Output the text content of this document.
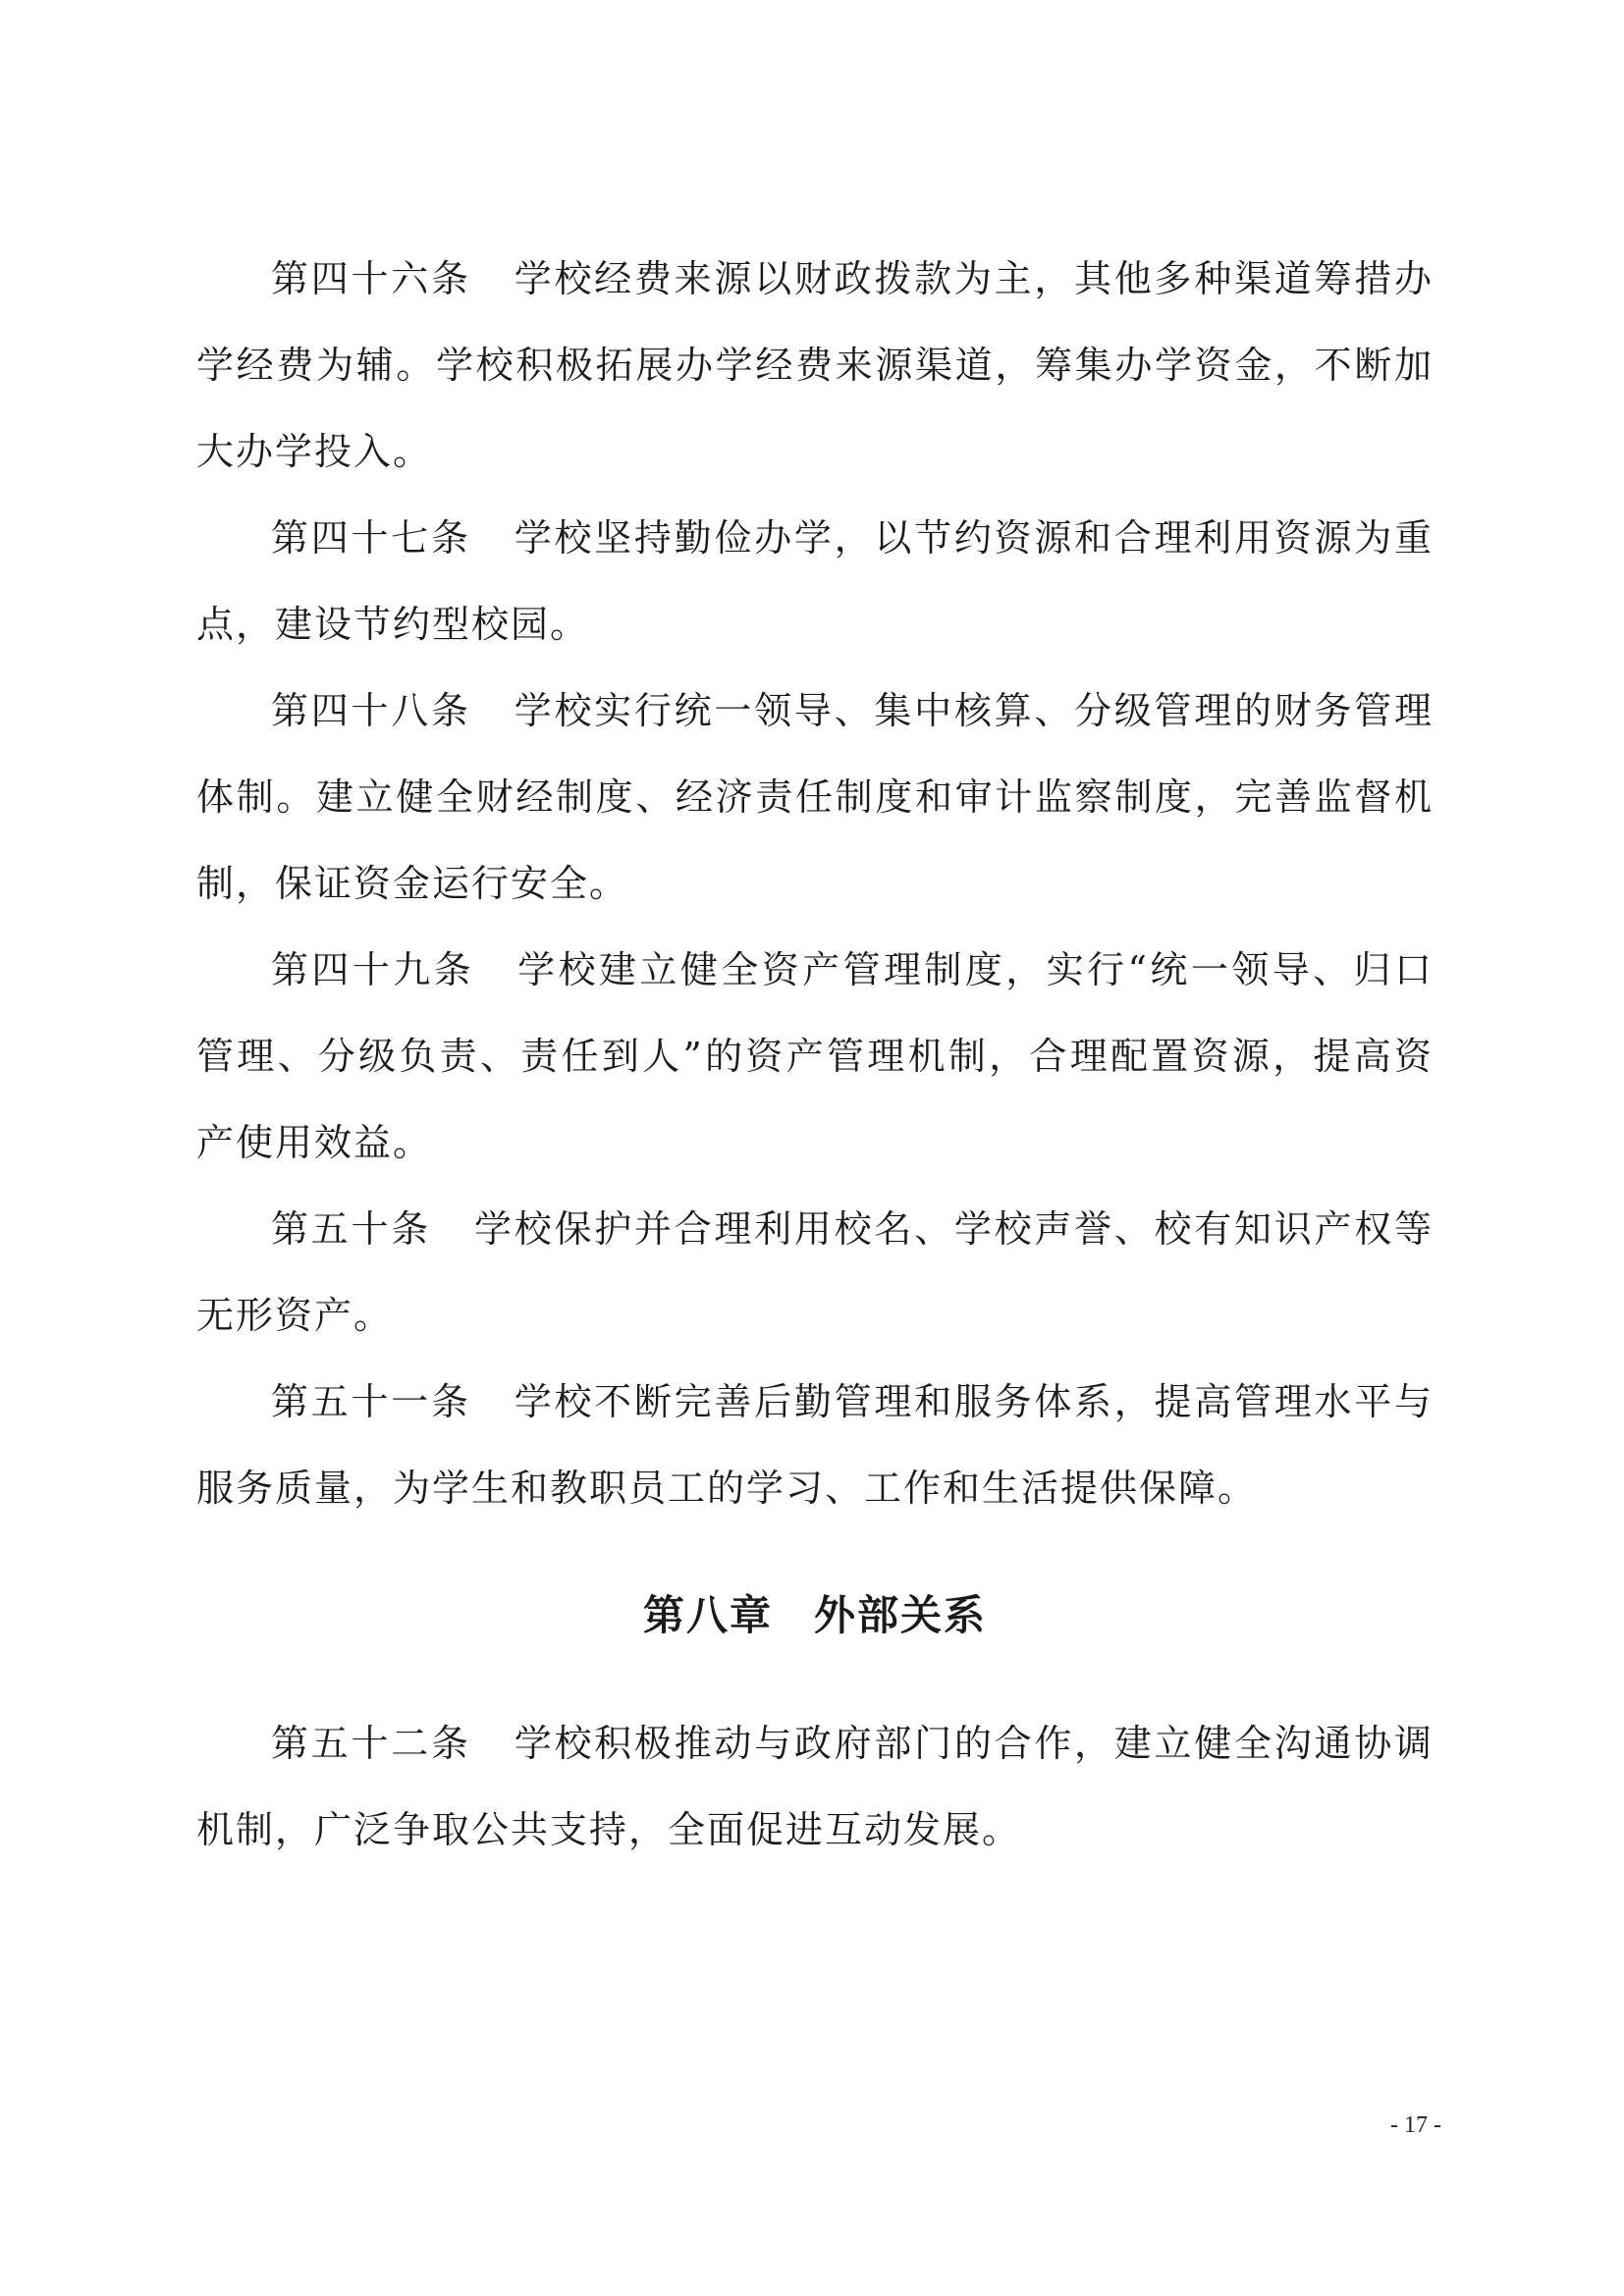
第四十六条 学校经费来源以财政拨款为主，其他多种渠道筹措办学经费为辅。学校积极拓展办学经费来源渠道，筹集办学资金，不断加大办学投入。

第四十七条 学校坚持勤俭办学，以节约资源和合理利用资源为重点，建设节约型校园。

第四十八条 学校实行统一领导、集中核算、分级管理的财务管理体制。建立健全财经制度、经济责任制度和审计监察制度，完善监督机制，保证资金运行安全。

第四十九条 学校建立健全资产管理制度，实行“统一领导、归口管理、分级负责、责任到人”的资产管理机制，合理配置资源，提高资产使用效益。

第五十条 学校保护并合理利用校名、学校声誉、校有知识产权等无形资产。

第五十一条 学校不断完善后勤管理和服务体系，提高管理水平与服务质量，为学生和教职员工的学习、工作和生活提供保障。

第八章 外部关系

第五十二条 学校积极推动与政府部门的合作，建立健全沟通协调机制，广泛争取公共支持，全面促进互动发展。

- 17 -
